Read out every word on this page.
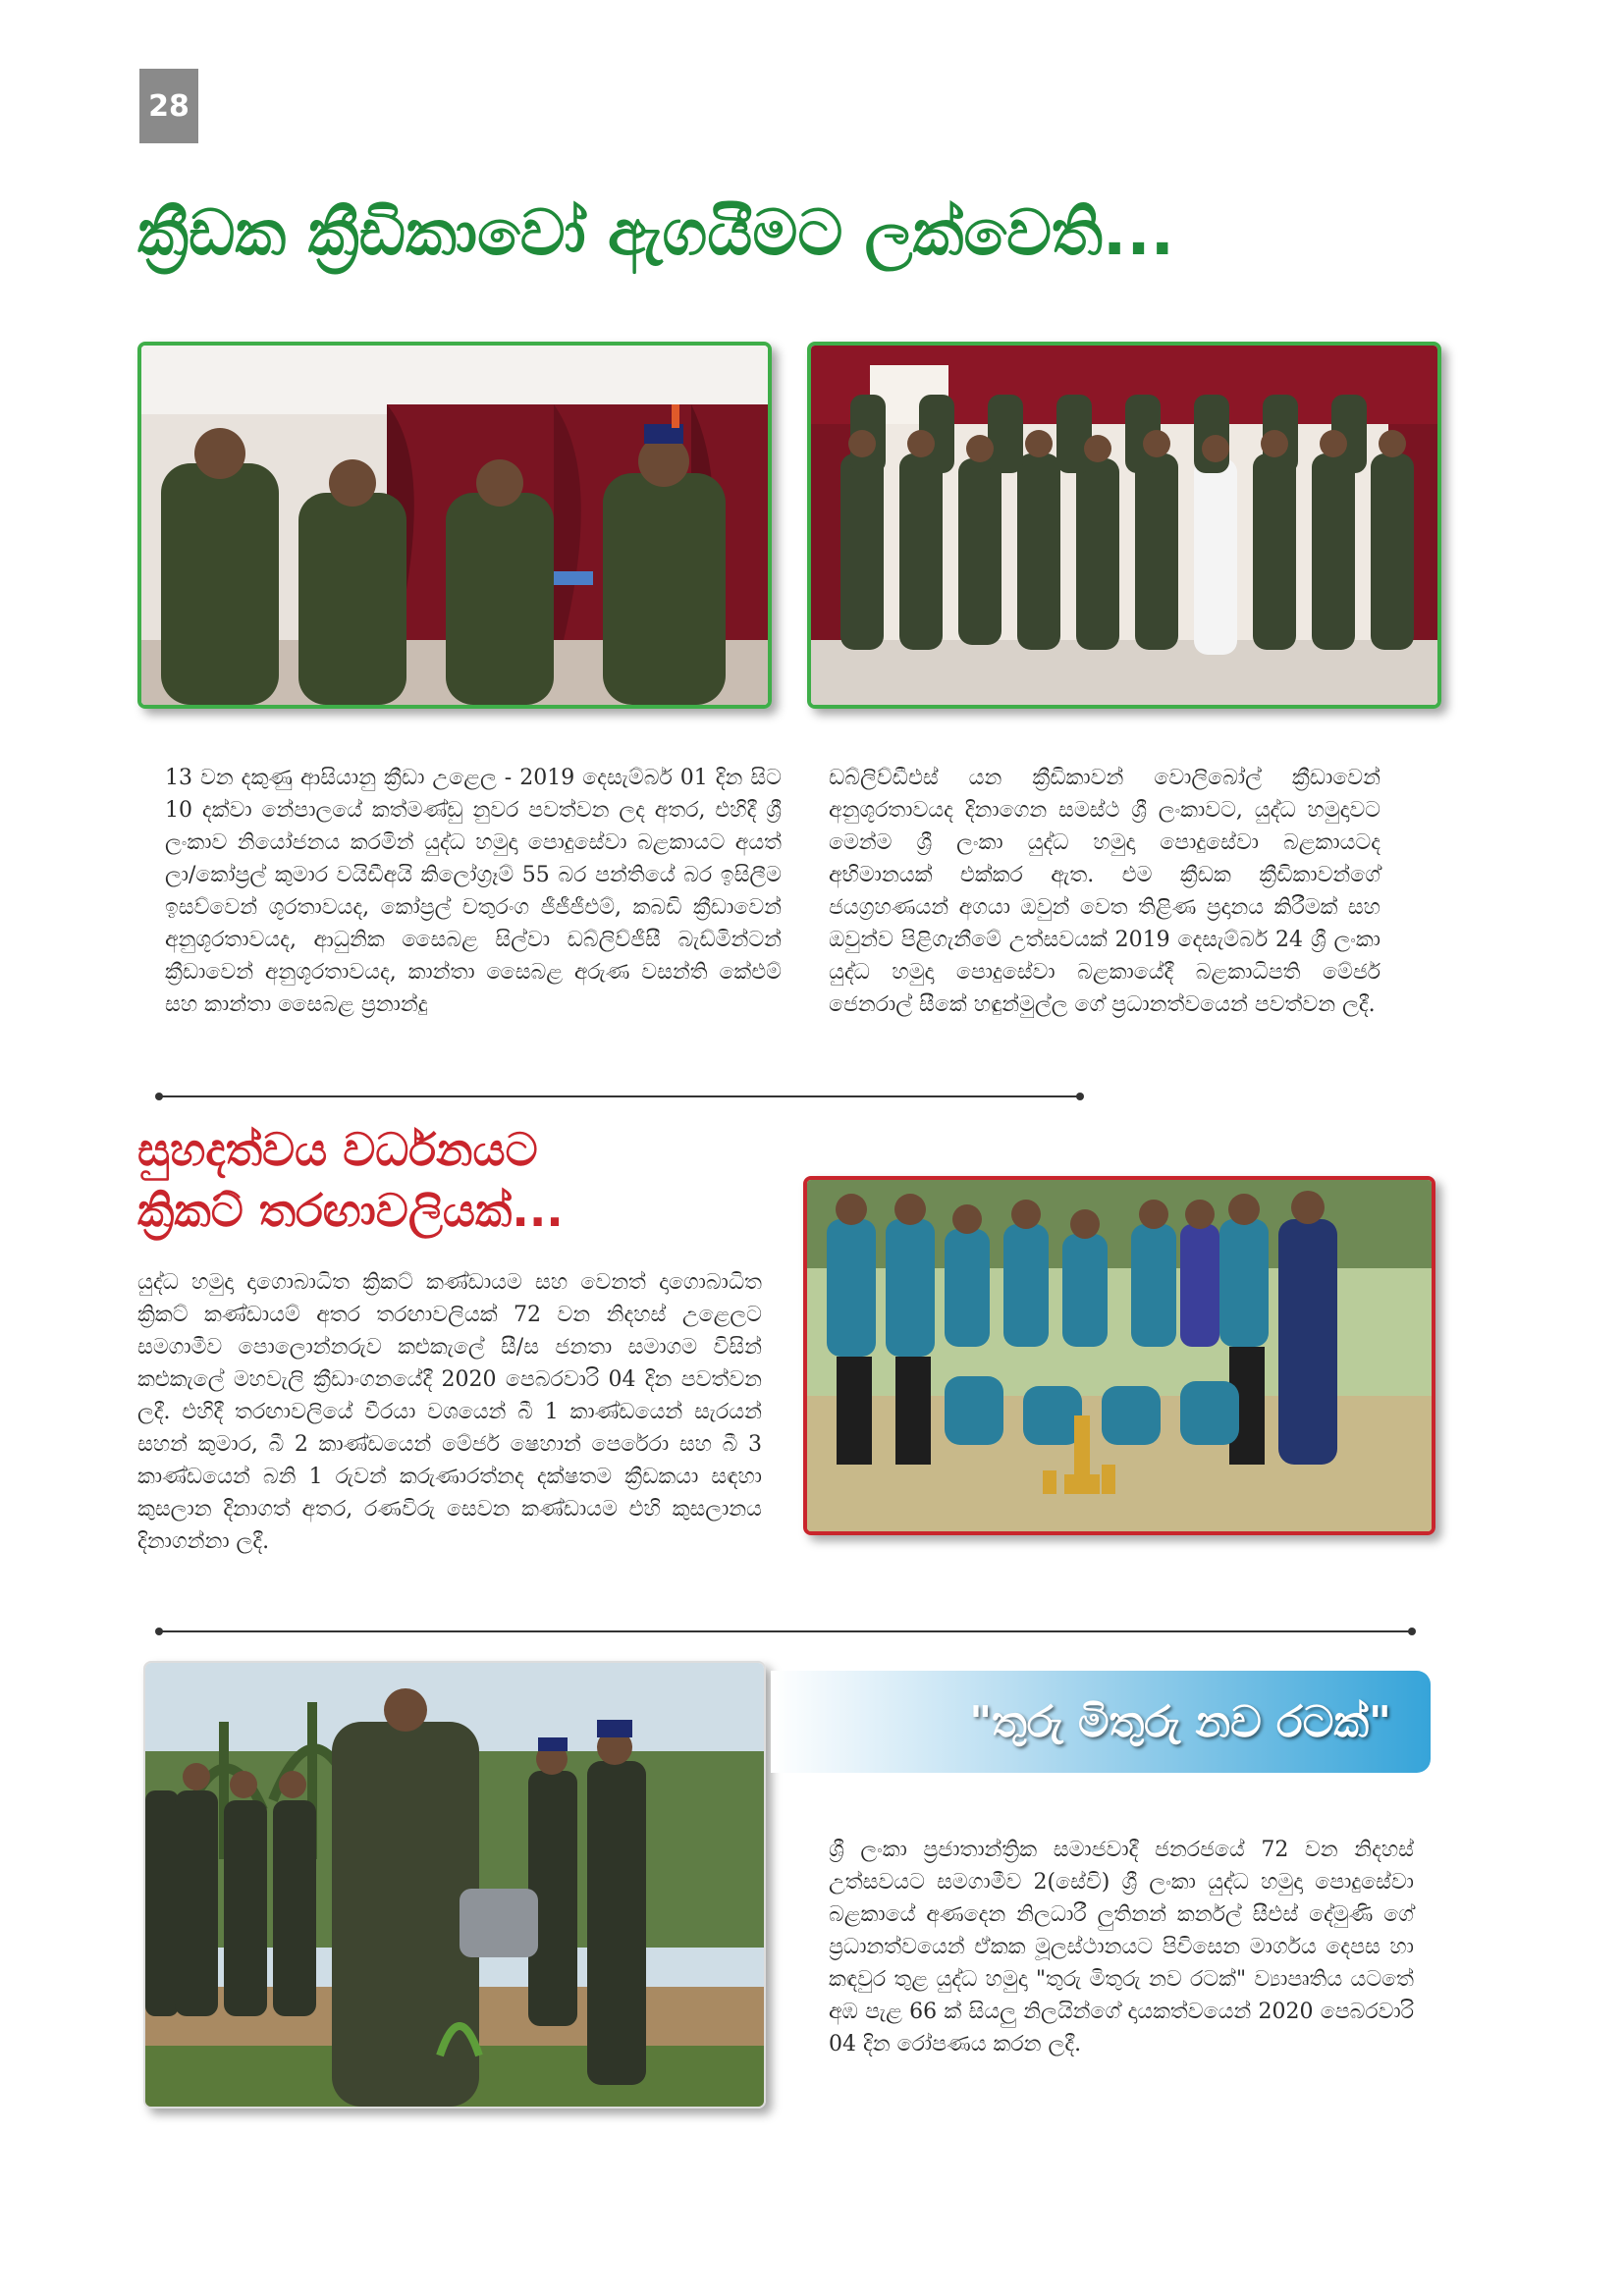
28
ක්‍රීඩක ක්‍රීඩිකාවෝ ඇගයීමට ලක්වෙති...

13 වන දකුණු ආසියානු ක්‍රීඩා උළෙල - 2019 දෙසැම්බර් 01 දින සිට 10 දක්වා නේපාලයේ කත්මණ්ඩු නුවර පවත්වන ලද අතර, එහිදී ශ්‍රී ලංකාව නියෝජනය කරමින් යුද්ධ හමුදා පොදුසේවා බළකායට අයත් ලා/කෝප්‍රල් කුමාර වයිඩීඅයි කිලෝග්‍රෑම් 55 බර පන්තියේ බර ඉසිලීම ඉසව්වෙන් ශූරතාවයද, කෝප්‍රල් චතුරංග ජීජීජීඑම්, කබඩි ක්‍රීඩාවෙන් අනුශූරතාවයද, ආධුනික සෛබළ සිල්වා ඩබ්ලිව්ජීසී බැඩ්මින්ටන් ක්‍රීඩාවෙන් අනුශූරතාවයද, කාන්තා සෛබළ අරුණ වසන්ති කේඑම් සහ කාන්තා සෛබළ ප්‍රනාන්දු

ඩබ්ලිව්ඩීඑස් යන ක්‍රීඩිකාවන් වොලිබෝල් ක්‍රීඩාවෙන් අනුශූරතාවයද දිනාගෙන සමස්ථ ශ්‍රී ලංකාවට, යුද්ධ හමුදාවට මෙන්ම ශ්‍රී ලංකා යුද්ධ හමුදා පොදුසේවා බළකායටද අභිමානයක් එක්කර ඇත. එම ක්‍රීඩක ක්‍රීඩිකාවන්ගේ ජයග්‍රහණයන් අගයා ඔවුන් වෙත තිළිණ ප්‍රදානය කිරීමක් සහ ඔවුන්ව පිළිගැනීමේ උත්සවයක් 2019 දෙසැම්බර් 24 ශ්‍රී ලංකා යුද්ධ හමුදා පොදුසේවා බළකායේදී බළකාධිපති මේජර් ජෙනරාල් සීකේ හඳුන්මුල්ල ගේ ප්‍රධානත්වයෙන් පවත්වන ලදී.

සුහදත්වය වර්ධනයට
ක්‍රිකට් තරඟාවලියක්...

යුද්ධ හමුදා දාගොබාධිත ක්‍රිකට් කණ්ඩායම සහ වෙනත් දාගොබාධිත ක්‍රිකට් කණ්ඩායම් අතර තරඟාවලියක් 72 වන නිදහස් උළෙලට සමගාමීව පොලොන්නරුව කළුකැලේ සී/ස ජනතා සමාගම විසින් කළුකැලේ මහවැලි ක්‍රීඩාංගනයේදී 2020 පෙබරවාරි 04 දින පවත්වන ලදී. එහිදී තරඟාවලියේ වීරයා වශයෙන් බී 1 කාණ්ඩයෙන් සැරයන් සහන් කුමාර, බී 2 කාණ්ඩයෙන් මේජර් ෂෙහාන් පෙරේරා සහ බී 3 කාණ්ඩයෙන් බනි 1 රුවන් කරුණාරත්නද දක්ෂතම ක්‍රීඩකයා සඳහා කුසලාන දිනාගත් අතර, රණවිරු සෙවන කණ්ඩායම එහි කුසලානය දිනාගන්නා ලදී.

"තුරු මිතුරු නව රටක්"

ශ්‍රී ලංකා ප්‍රජාතාන්ත්‍රික සමාජවාදී ජනරජයේ 72 වන නිදහස් උත්සවයට සමගාමීව 2(සේවි) ශ්‍රී ලංකා යුද්ධ හමුදා පොදුසේවා බළකායේ අණදෙන නිලධාරී ලුතිනන් කර්නල් සීඑස් දේමුණි ගේ ප්‍රධානත්වයෙන් ඒකක මූලස්ථානයට පිවිසෙන මාර්ගය දෙපස හා කඳවුර තුළ යුද්ධ හමුදා "තුරු මිතුරු නව රටක්" ව්‍යාපෘතිය යටතේ අඹ පැළ 66 ක් සියලු නිලයින්ගේ දායකත්වයෙන් 2020 පෙබරවාරි 04 දින රෝපණය කරන ලදී.
